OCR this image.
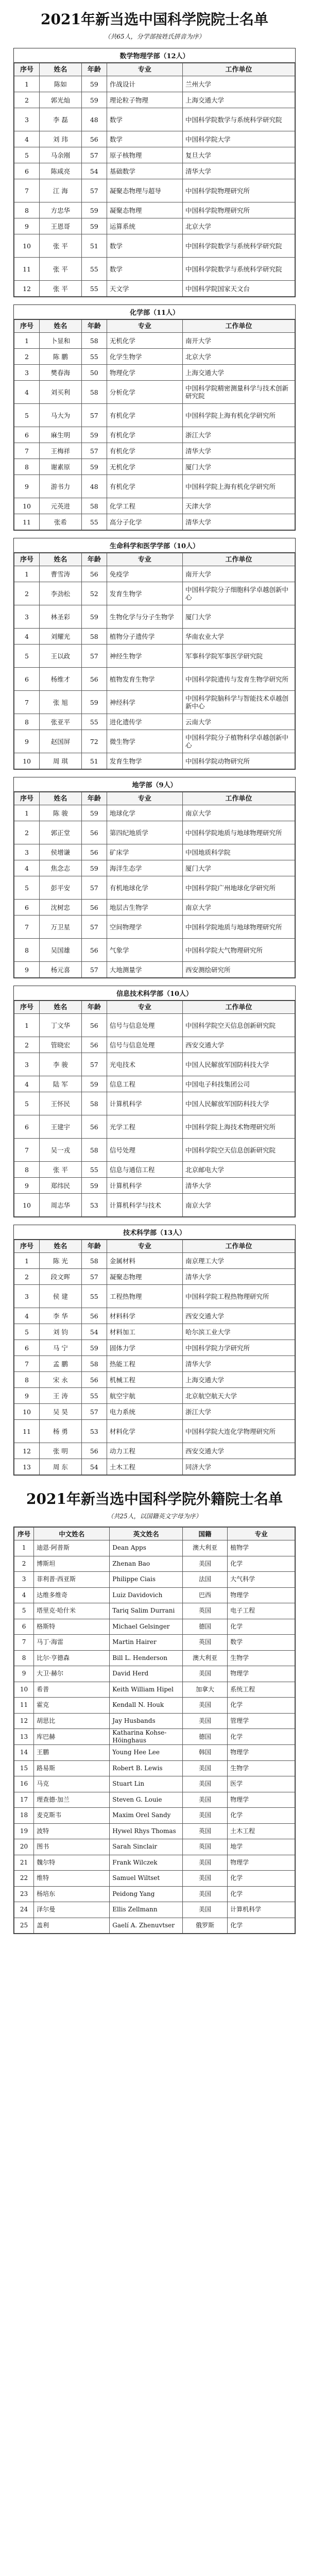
2021年新当选中国科学院院士名单
（共65人，分学部按姓氏拼音为序）
数学物理学部（12人）
序号	姓名	年龄	专业	工作单位
1	陈如	59	作战设计	兰州大学
2	郭光灿	59	理论粒子物理	上海交通大学
3	李 磊	48	数学	中国科学院数学与系统科学研究院
4	刘 玮	56	数学	中国科学院大学
5	马余刚	57	原子核物理	复旦大学
6	陈咸亮	54	基础数学	清华大学
7	江 海	57	凝聚态物理与超导	中国科学院物理研究所
8	方忠华	59	凝聚态物理	中国科学院物理研究所
9	王恩哥	59	运算系统	北京大学
10	张 平	51	数学	中国科学院数学与系统科学研究院
11	张 平	55	数学	中国科学院数学与系统科学研究院
12	张 平	55	天文学	中国科学院国家天文台
化学部（11人）
序号	姓名	年龄	专业	工作单位
1	卜显和	58	无机化学	南开大学
2	陈 鹏	55	化学生物学	北京大学
3	樊春海	50	物理化学	上海交通大学
4	刘买利	58	分析化学	中国科学院精密测量科学与技术创新研究院
5	马大为	57	有机化学	中国科学院上海有机化学研究所
6	麻生明	59	有机化学	浙江大学
7	王梅祥	57	有机化学	清华大学
8	谢素原	59	无机化学	厦门大学
9	游书力	48	有机化学	中国科学院上海有机化学研究所
10	元英进	58	化学工程	天津大学
11	张希	55	高分子化学	清华大学
生命科学和医学学部（10人）
序号	姓名	年龄	专业	工作单位
1	曹雪涛	56	免疫学	南开大学
2	李劲松	52	发育生物学	中国科学院分子细胞科学卓越创新中心
3	林圣彩	59	生物化学与分子生物学	厦门大学
4	刘耀光	58	植物分子遗传学	华南农业大学
5	王以政	57	神经生物学	军事科学院军事医学研究院
6	杨维才	56	植物发育生物学	中国科学院遗传与发育生物学研究所
7	张 旭	59	神经科学	中国科学院脑科学与智能技术卓越创新中心
8	张亚平	55	进化遗传学	云南大学
9	赵国屏	72	微生物学	中国科学院分子植物科学卓越创新中心
10	周 琪	51	发育生物学	中国科学院动物研究所
地学部（9人）
序号	姓名	年龄	专业	工作单位
1	陈 骏	59	地球化学	南京大学
2	郭正堂	56	第四纪地质学	中国科学院地质与地球物理研究所
3	侯增谦	56	矿床学	中国地质科学院
4	焦念志	59	海洋生态学	厦门大学
5	彭平安	57	有机地球化学	中国科学院广州地球化学研究所
6	沈树忠	56	地层古生物学	南京大学
7	万卫星	57	空间物理学	中国科学院地质与地球物理研究所
8	吴国雄	56	气象学	中国科学院大气物理研究所
9	杨元喜	57	大地测量学	西安测绘研究所
信息技术科学部（10人）
序号	姓名	年龄	专业	工作单位
1	丁文华	56	信号与信息处理	中国科学院空天信息创新研究院
2	管晓宏	56	信号与信息处理	西安交通大学
3	李 骏	57	光电技术	中国人民解放军国防科技大学
4	陆 军	59	信息工程	中国电子科技集团公司
5	王怀民	58	计算机科学	中国人民解放军国防科技大学
6	王建宇	56	光学工程	中国科学院上海技术物理研究所
7	吴一戎	58	信号处理	中国科学院空天信息创新研究院
8	张 平	55	信息与通信工程	北京邮电大学
9	郑纬民	59	计算机科学	清华大学
10	周志华	53	计算机科学与技术	南京大学
技术科学部（13人）
序号	姓名	年龄	专业	工作单位
1	陈 光	58	金属材料	南京理工大学
2	段文晖	57	凝聚态物理	清华大学
3	侯 建	55	工程热物理	中国科学院工程热物理研究所
4	李 华	56	材料科学	西安交通大学
5	刘 钧	54	材料加工	哈尔滨工业大学
6	马 宁	59	固体力学	中国科学院力学研究所
7	孟 鹏	58	热能工程	清华大学
8	宋 永	56	机械工程	上海交通大学
9	王 涛	55	航空宇航	北京航空航天大学
10	吴 昊	57	电力系统	浙江大学
11	杨 勇	53	材料化学	中国科学院大连化学物理研究所
12	张 明	56	动力工程	西安交通大学
13	周 东	54	土木工程	同济大学
2021年新当选中国科学院外籍院士名单
（共25人，以国籍英文字母为序）
序号	中文姓名	英文姓名	国籍	专业
1	迪恩·阿普斯	Dean Apps	澳大利亚	植物学
2	博斯坦	Zhenan Bao	美国	化学
3	菲利普·西亚斯	Philippe Ciais	法国	大气科学
4	达维多维奇	Luiz Davidovich	巴西	物理学
5	塔里克·哈什米	Tariq Salim Durrani	英国	电子工程
6	格斯特	Michael Gelsinger	德国	化学
7	马丁·海雷	Martin Hairer	英国	数学
8	比尔·亨德森	Bill L. Henderson	澳大利亚	生物学
9	大卫·赫尔	David Herd	美国	物理学
10	希普	Keith William Hipel	加拿大	系统工程
11	霍克	Kendall N. Houk	美国	化学
12	胡思比	Jay Husbands	美国	管理学
13	库巴赫	Katharina Kohse-Höinghaus	德国	化学
14	王鹏	Young Hee Lee	韩国	物理学
15	路易斯	Robert B. Lewis	美国	生物学
16	马克	Stuart Lin	美国	医学
17	理查德·加兰	Steven G. Louie	美国	物理学
18	麦克斯韦	Maxim Orel Sandy	美国	化学
19	波特	Hywel Rhys Thomas	英国	土木工程
20	图书	Sarah Sinclair	英国	地学
21	魏尔特	Frank Wilczek	美国	物理学
22	维特	Samuel Wiltset	美国	化学
23	杨培东	Peidong Yang	美国	化学
24	泽尔曼	Ellis Zellmann	美国	计算机科学
25	盖利	Gaelí A. Zhenuvtser	俄罗斯	化学
